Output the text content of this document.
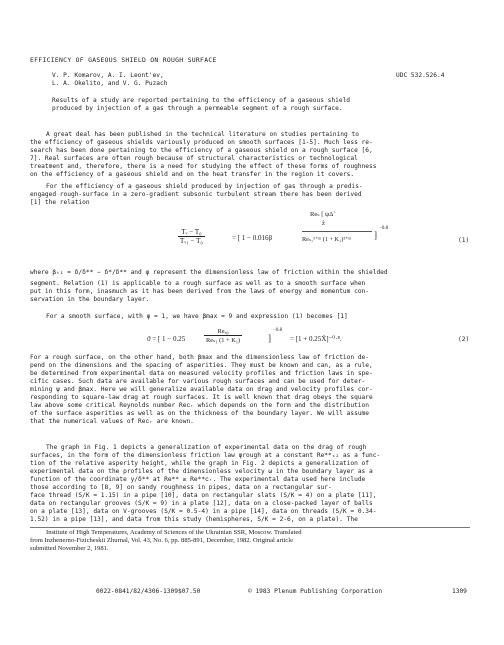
EFFICIENCY OF GASEOUS SHIELD ON ROUGH SURFACE
V. P. Komarov, A. I. Leont'ev,
L. A. Okelito, and V. G. Puzach
UDC 532.526.4
Results of a study are reported pertaining to the efficiency of a gaseous shield
produced by injection of a gas through a permeable segment of a rough surface.
A great deal has been published in the technical literature on studies pertaining to
the efficiency of gaseous shields variously produced on smooth surfaces [1-5]. Much less re-
search has been done pertaining to the efficiency of a gaseous shield on a rough surface [6,
7]. Real surfaces are often rough because of structural characteristics or technological
treatment and, therefore, there is a need for studying the effect of these forms of roughness
on the efficiency of a gaseous shield and on the heat transfer in the region it covers.
For the efficiency of a gaseous shield produced by injection of gas through a predis-
engaged rough-surface in a zero-gradient subsonic turbulent stream there has been derived
[1] the relation
$\frac{\text{Tᵥ − T₀}}{\text{Tᵥ₁ − T₀}}$	= [ 1 − 0.016β
Reₛ [ ψΔ̃
ẑ
Reₛ₁¹⁺ᵐ (1 + K₁)¹⁺ᵐ	]
−0.8
(1)
where βₜ₁ = δ/δ** − δ*/δ** and ψ represent the dimensionless law of friction within the shielded
segment. Relation (1) is applicable to a rough surface as well as to a smooth surface when
put in this form, inasmuch as it has been derived from the laws of energy and momentum con-
servation in the boundary layer.
For a smooth surface, with ψ = 1, we have βmax = 9 and expression (1) becomes [1]
ϑ = [ 1 − 0.25	$\frac{\text{Reₓ₀}}{\text{Reₛ₁ (1 + K₁)}}$	]
−0.8
= [1 + 0.25Ẍ]⁻⁰·⁸.	(2)
For a rough surface, on the other hand, both βmax and the dimensionless law of friction de-
pend on the dimensions and the spacing of asperities. They must be known and can, as a rule,
be determined from experimental data on measured velocity profiles and friction laws in spe-
cific cases. Such data are available for various rough surfaces and can be used for deter-
mining ψ and βmax. Here we will generalize available data on drag and velocity profiles cor-
responding to square-law drag at rough surfaces. It is well known that drag obeys the square
law above some critical Reynolds number Reᴄᵣ which depends on the form and the distribution
of the surface asperities as well as on the thickness of the boundary layer. We will assume
that the numerical values of Reᴄᵣ are known.
The graph in Fig. 1 depicts a generalization of experimental data on the drag of rough
surfaces, in the form of the dimensionless friction law ψrough at a constant Re**ₛ₂ as a func-
tion of the relative asperity height, while the graph in Fig. 2 depicts a generalization of
experimental data on the profiles of the dimensionless velocity ω in the boundary layer as a
function of the coordinate y/δ** at Re** ≥ Re**ᴄᵣ. The experimental data used here include
those according to [8, 9] on sandy roughness in pipes, data on a rectangular sur-
face thread (S/K = 1.15) in a pipe [10], data on rectangular slats (S/K = 4) on a plate [11],
data on rectangular grooves (S/K = 9) in a plate [12], data on a close-packed layer of balls
on a plate [13], data on V-grooves (S/K = 0.5-4) in a pipe [14], data on threads (S/K = 0.34-
1.52) in a pipe [13], and data from this study (hemispheres, S/K = 2-6, on a plate). The
Institute of High Temperatures, Academy of Sciences of the Ukrainian SSR, Moscow. Translated
from Inzhenerno-Fizicheskii Zhurnal, Vol. 43, No. 6, pp. 885-891, December, 1982. Original article
submitted November 2, 1981.
0022-0841/82/4306-1309$07.50	© 1983 Plenum Publishing Corporation	1309
